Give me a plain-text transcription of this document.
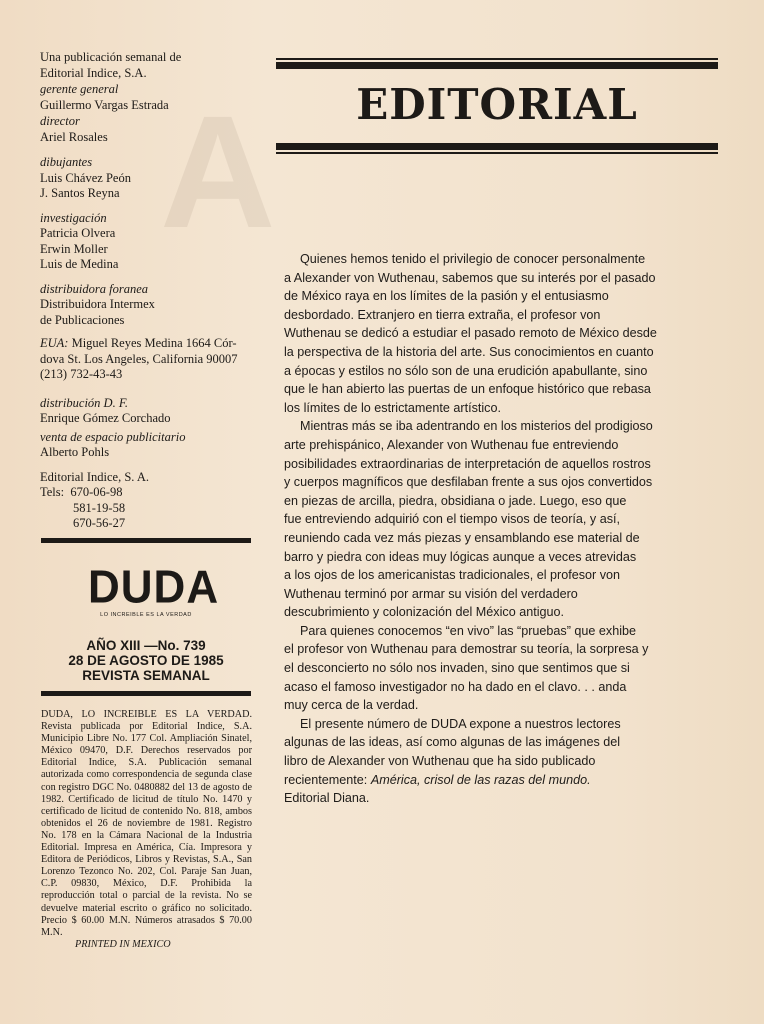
A
Una publicación semanal de
Editorial Indice, S.A.
gerente general
Guillermo Vargas Estrada
director
Ariel Rosales
dibujantes
Luis Chávez Peón
J. Santos Reyna
investigación
Patricia Olvera
Erwin Moller
Luis de Medina
distribuidora foranea
Distribuidora Intermex
de Publicaciones
EUA: Miguel Reyes Medina 1664 Cór-
dova St. Los Angeles, California 90007
(213) 732-43-43
distribución D. F.
Enrique Gómez Corchado
venta de espacio publicitario
Alberto Pohls
Editorial Indice, S. A.
Tels: 670-06-98
581-19-58
670-56-27
DUDA
LO INCREIBLE ES LA VERDAD
AÑO XIII —No. 739
28 DE AGOSTO DE 1985
REVISTA SEMANAL
DUDA, LO INCREIBLE ES LA VERDAD. Revista publicada por Editorial Indice, S.A. Municipio Libre No. 177 Col. Ampliación Sinatel, México 09470, D.F. Derechos reservados por Editorial Indice, S.A. Publicación semanal autorizada como correspondencia de segunda clase con registro DGC No. 0480882 del 13 de agosto de 1982. Certificado de licitud de título No. 1470 y certificado de licitud de contenido No. 818, ambos obtenidos el 26 de noviembre de 1981. Registro No. 178 en la Cámara Nacional de la Industria Editorial. Impresa en América, Cía. Impresora y Editora de Periódicos, Libros y Revistas, S.A., San Lorenzo Tezonco No. 202, Col. Paraje San Juan, C.P. 09830, México, D.F. Prohibida la reproducción total o parcial de la revista. No se devuelve material escrito o gráfico no solicitado. Precio $ 60.00 M.N. Números atrasados $ 70.00 M.N.
PRINTED IN MEXICO
EDITORIAL

Quienes hemos tenido el privilegio de conocer personalmente
a Alexander von Wuthenau, sabemos que su interés por el pasado
de México raya en los límites de la pasión y el entusiasmo
desbordado. Extranjero en tierra extraña, el profesor von
Wuthenau se dedicó a estudiar el pasado remoto de México desde
la perspectiva de la historia del arte. Sus conocimientos en cuanto
a épocas y estilos no sólo son de una erudición apabullante, sino
que le han abierto las puertas de un enfoque histórico que rebasa
los límites de lo estrictamente artístico.

Mientras más se iba adentrando en los misterios del prodigioso
arte prehispánico, Alexander von Wuthenau fue entreviendo
posibilidades extraordinarias de interpretación de aquellos rostros
y cuerpos magníficos que desfilaban frente a sus ojos convertidos
en piezas de arcilla, piedra, obsidiana o jade. Luego, eso que
fue entreviendo adquirió con el tiempo visos de teoría, y así,
reuniendo cada vez más piezas y ensamblando ese material de
barro y piedra con ideas muy lógicas aunque a veces atrevidas
a los ojos de los americanistas tradicionales, el profesor von
Wuthenau terminó por armar su visión del verdadero
descubrimiento y colonización del México antiguo.

Para quienes conocemos “en vivo” las “pruebas” que exhibe
el profesor von Wuthenau para demostrar su teoría, la sorpresa y
el desconcierto no sólo nos invaden, sino que sentimos que si
acaso el famoso investigador no ha dado en el clavo. . . anda
muy cerca de la verdad.

El presente número de DUDA expone a nuestros lectores
algunas de las ideas, así como algunas de las imágenes del
libro de Alexander von Wuthenau que ha sido publicado
recientemente: América, crisol de las razas del mundo.
Editorial Diana.
